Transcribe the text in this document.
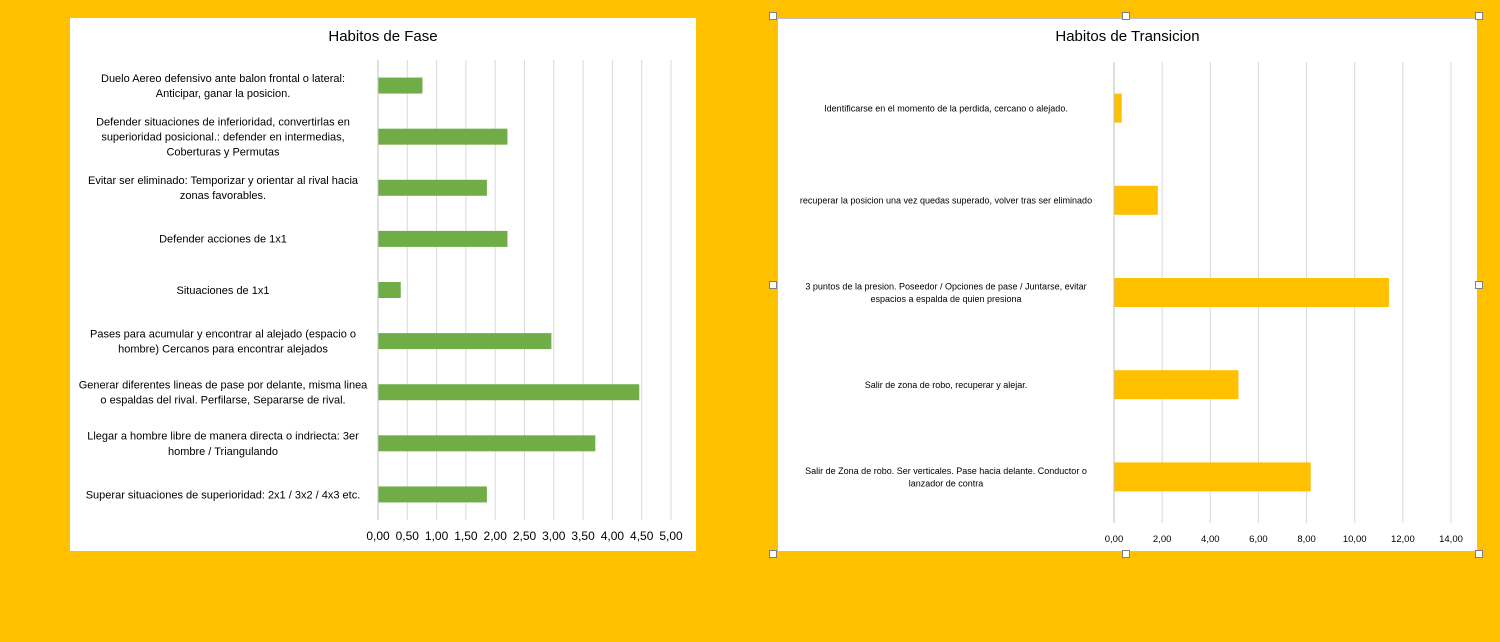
Habitos de Fase
0,00 0,50 1,00 1,50 2,00 2,50 3,00 3,50 4,00 4,50 5,00
Duelo Aereo defensivo ante balon frontal o lateral: Anticipar, ganar la posicion.
Defender situaciones de inferioridad, convertirlas en superioridad posicional.: defender en intermedias, Coberturas y Permutas
Evitar ser eliminado: Temporizar y orientar al rival hacia zonas favorables.
Defender acciones de 1x1
Situaciones de 1x1
Pases para acumular y encontrar al alejado (espacio o hombre) Cercanos para encontrar alejados
Generar diferentes lineas de pase por delante, misma linea o espaldas del rival. Perfilarse, Separarse de rival.
Llegar a hombre libre de manera directa o indriecta: 3er hombre / Triangulando
Superar situaciones de superioridad: 2x1 / 3x2 / 4x3 etc.
Habitos de Transicion
0,00	2,00	4,00	6,00	8,00	10,00	12,00	14,00
Identificarse en el momento de la perdida, cercano o alejado.
recuperar la posicion una vez quedas superado, volver tras ser eliminado
3 puntos de la presion. Poseedor / Opciones de pase / Juntarse, evitar espacios a espalda de quien presiona
Salir de zona de robo, recuperar y alejar.
Salir de Zona de robo. Ser verticales. Pase hacia delante. Conductor o lanzador de contra
